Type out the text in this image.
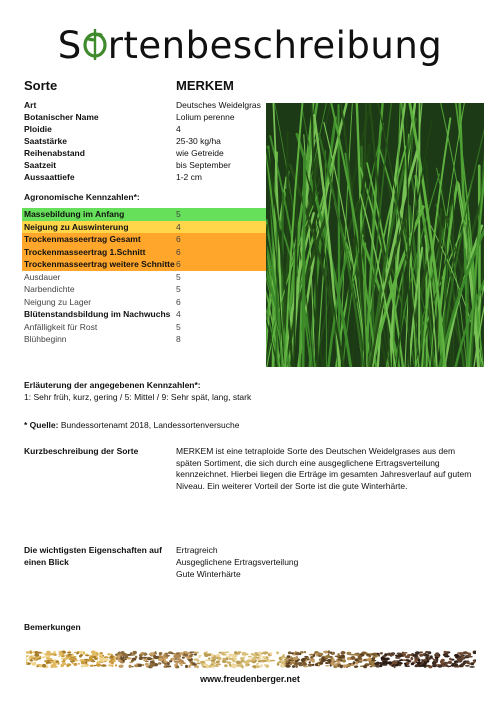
S rtenbeschreibung
Sorte	MERKEM
Art	Deutsches Weidelgras
Botanischer Name	Lolium perenne
Ploidie	4
Saatstärke	25-30 kg/ha
Reihenabstand	wie Getreide
Saatzeit	bis September
Aussaattiefe	1-2 cm
Agronomische Kennzahlen*:
Massebildung im Anfang	5
Neigung zu Auswinterung	4
Trockenmasseertrag Gesamt	6
Trockenmasseertrag 1.Schnitt	6
Trockenmasseertrag weitere Schnitte 6
Ausdauer	5
Narbendichte	5
Neigung zu Lager	6
Blütenstandsbildung im Nachwuchs 4
Anfälligkeit für Rost	5
Blühbeginn	8
Erläuterung der angegebenen Kennzahlen*:
1: Sehr früh, kurz, gering / 5: Mittel / 9: Sehr spät, lang, stark
* Quelle: Bundessortenamt 2018, Landessortenversuche
Kurzbeschreibung der Sorte	MERKEM ist eine tetraploide Sorte des Deutschen Weidelgrases aus dem späten Sortiment, die sich durch eine ausgeglichene Ertragsverteilung kennzeichnet. Hierbei liegen die Erträge im gesamten Jahresverlauf auf gutem Niveau. Ein weiterer Vorteil der Sorte ist die gute Winterhärte.
Die wichtigsten Eigenschaften auf einen Blick
Ertragreich
Ausgeglichene Ertragsverteilung
Gute Winterhärte
Bemerkungen
www.freudenberger.net
